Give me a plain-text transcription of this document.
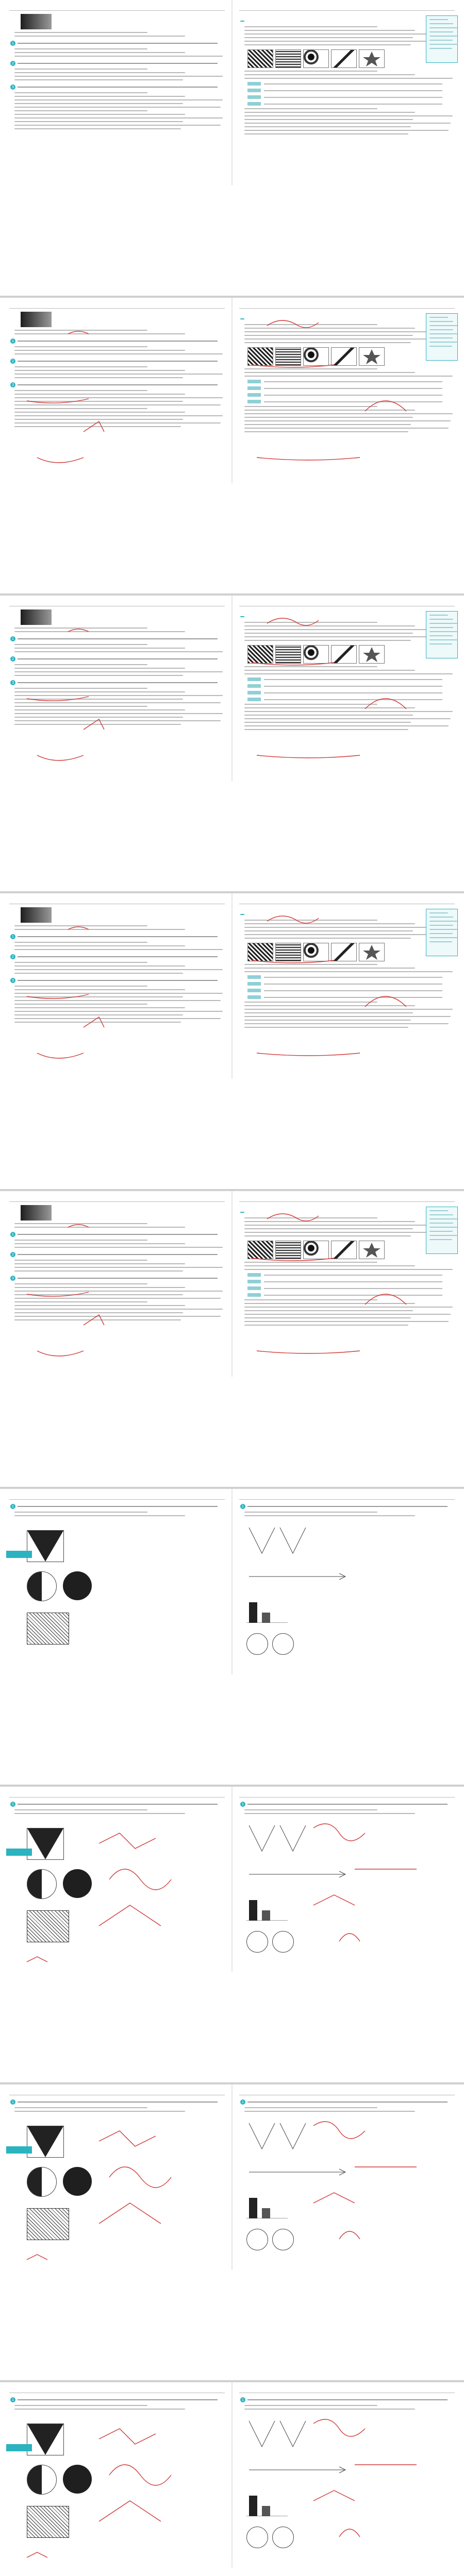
1
2
3

1
2
3

1
2
3

1
2
3

1
2
3

1
	1

1
	1

1
	1

1
	1
